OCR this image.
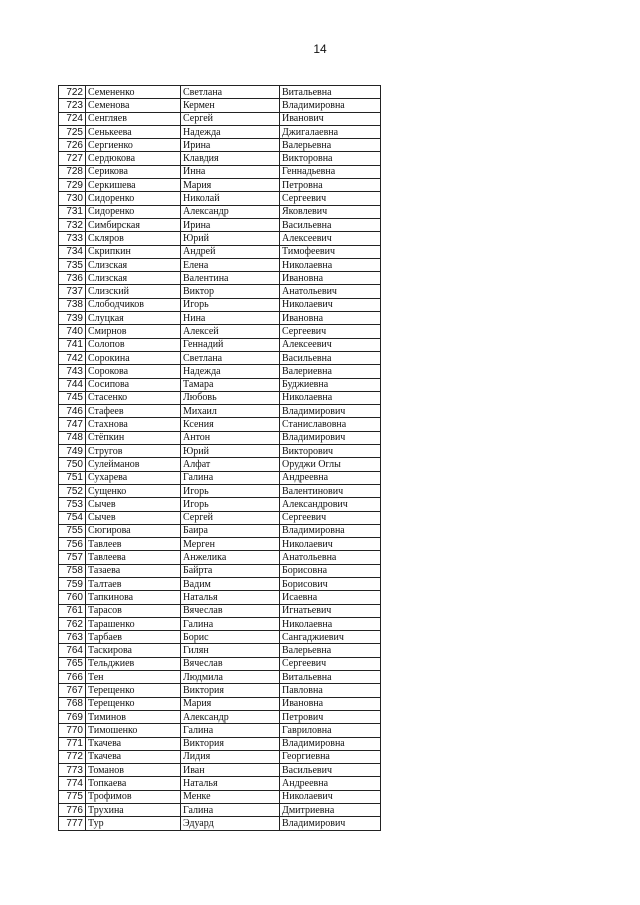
14
722	Семененко	Светлана	Витальевна
723	Семенова	Кермен	Владимировна
724	Сенгляев	Сергей	Иванович
725	Сенькеева	Надежда	Джигалаевна
726	Сергиенко	Ирина	Валерьевна
727	Сердюкова	Клавдия	Викторовна
728	Серикова	Инна	Геннадьевна
729	Серкишева	Мария	Петровна
730	Сидоренко	Николай	Сергеевич
731	Сидоренко	Александр	Яковлевич
732	Симбирская	Ирина	Васильевна
733	Скляров	Юрий	Алексеевич
734	Скрипкин	Андрей	Тимофеевич
735	Слизская	Елена	Николаевна
736	Слизская	Валентина	Ивановна
737	Слизский	Виктор	Анатольевич
738	Слободчиков	Игорь	Николаевич
739	Слуцкая	Нина	Ивановна
740	Смирнов	Алексей	Сергеевич
741	Солопов	Геннадий	Алексеевич
742	Сорокина	Светлана	Васильевна
743	Сорокова	Надежда	Валериевна
744	Сосипова	Тамара	Буджиевна
745	Стасенко	Любовь	Николаевна
746	Стафеев	Михаил	Владимирович
747	Стахнова	Ксения	Станиславовна
748	Стёпкин	Антон	Владимирович
749	Стругов	Юрий	Викторович
750	Сулейманов	Алфат	Оруджи Оглы
751	Сухарева	Галина	Андреевна
752	Сущенко	Игорь	Валентинович
753	Сычев	Игорь	Александрович
754	Сычев	Сергей	Сергеевич
755	Сюгирова	Баира	Владимировна
756	Тавлеев	Мерген	Николаевич
757	Тавлеева	Анжелика	Анатольевна
758	Тазаева	Байрта	Борисовна
759	Талтаев	Вадим	Борисович
760	Тапкинова	Наталья	Исаевна
761	Тарасов	Вячеслав	Игнатьевич
762	Тарашенко	Галина	Николаевна
763	Тарбаев	Борис	Сангаджиевич
764	Таскирова	Гилян	Валерьевна
765	Тельджиев	Вячеслав	Сергеевич
766	Тен	Людмила	Витальевна
767	Терещенко	Виктория	Павловна
768	Терещенко	Мария	Ивановна
769	Тиминов	Александр	Петрович
770	Тимошенко	Галина	Гавриловна
771	Ткачева	Виктория	Владимировна
772	Ткачева	Лидия	Георгиевна
773	Томанов	Иван	Васильевич
774	Топкаева	Наталья	Андреевна
775	Трофимов	Менке	Николаевич
776	Трухина	Галина	Дмитриевна
777	Тур	Эдуард	Владимирович
